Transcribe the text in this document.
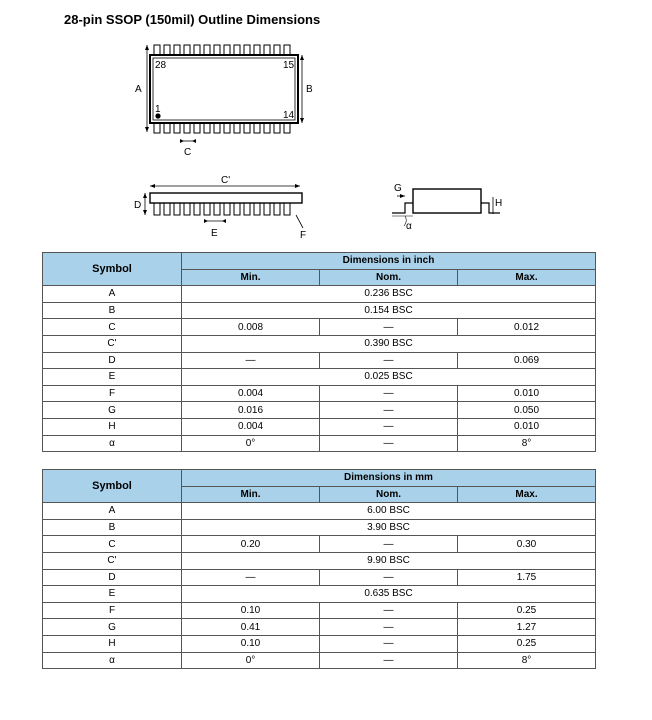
28-pin SSOP (150mil) Outline Dimensions
28	15
1
14
A	B
C
C'
D
E	F
G
H
α
Symbol	Dimensions in inch		
	Min.	Nom.	Max.
A	0.236 BSC		
B	0.154 BSC		
C	0.008	—	0.012
C'	0.390 BSC		
D	—	—	0.069
E	0.025 BSC		
F	0.004	—	0.010
G	0.016	—	0.050
H	0.004	—	0.010
α	0°	—	8°
Symbol	Dimensions in mm		
	Min.	Nom.	Max.
A	6.00 BSC		
B	3.90 BSC		
C	0.20	—	0.30
C'	9.90 BSC		
D	—	—	1.75
E	0.635 BSC		
F	0.10	—	0.25
G	0.41	—	1.27
H	0.10	—	0.25
α	0°	—	8°
